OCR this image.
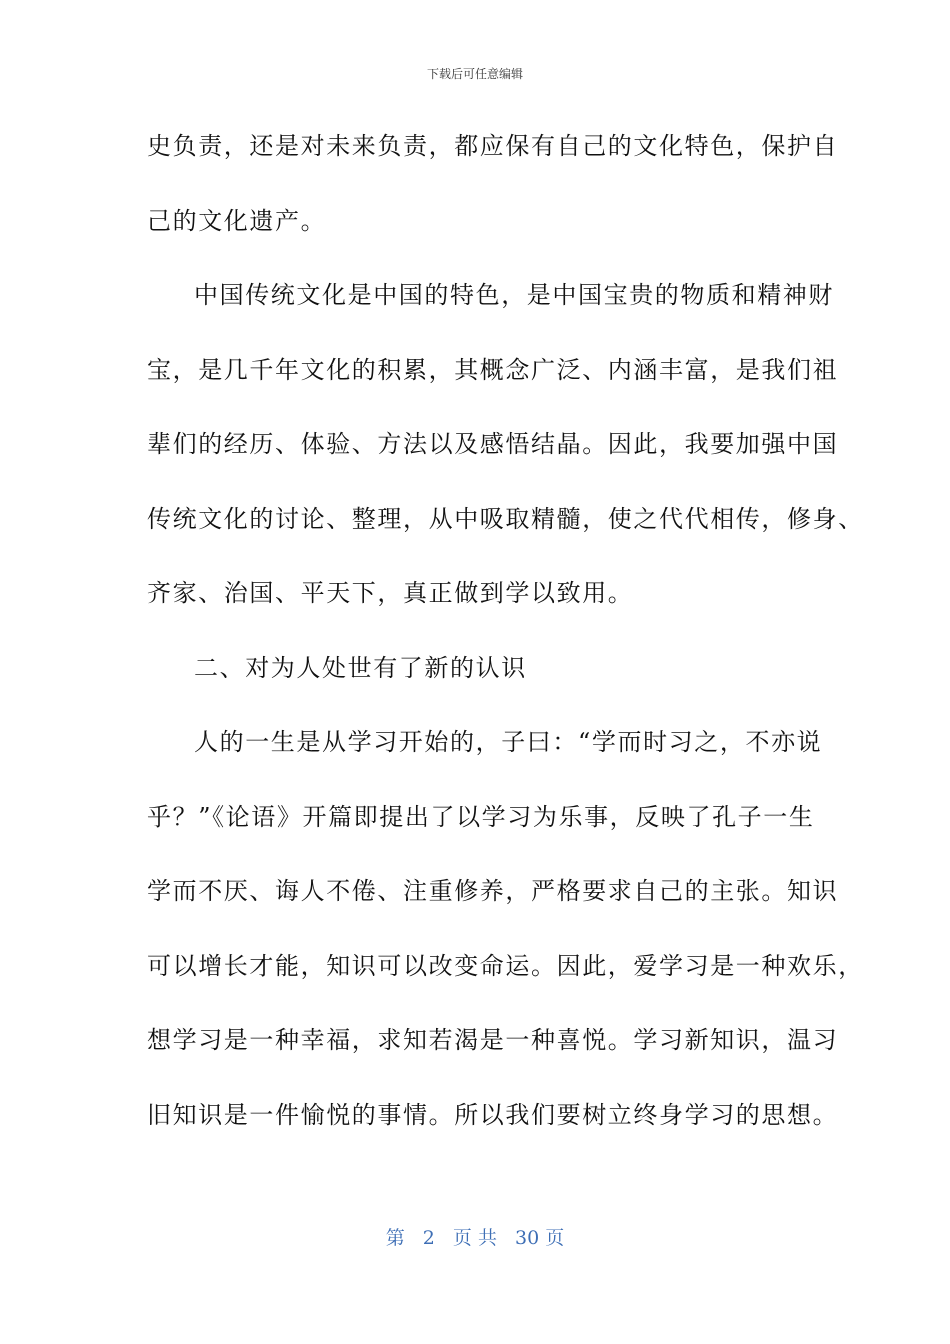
下载后可任意编辑
史负责，还是对未来负责，都应保有自己的文化特色，保护自
己的文化遗产。
中国传统文化是中国的特色，是中国宝贵的物质和精神财
宝，是几千年文化的积累，其概念广泛、内涵丰富，是我们祖
辈们的经历、体验、方法以及感悟结晶。因此，我要加强中国
传统文化的讨论、整理，从中吸取精髓，使之代代相传，修身、
齐家、治国、平天下，真正做到学以致用。
二、对为人处世有了新的认识
人的一生是从学习开始的，子曰：“学而时习之，不亦说
乎？”《论语》开篇即提出了以学习为乐事，反映了孔子一生
学而不厌、诲人不倦、注重修养，严格要求自己的主张。知识
可以增长才能，知识可以改变命运。因此，爱学习是一种欢乐，
想学习是一种幸福，求知若渴是一种喜悦。学习新知识，温习
旧知识是一件愉悦的事情。所以我们要树立终身学习的思想。
第 2 页 共 30 页
